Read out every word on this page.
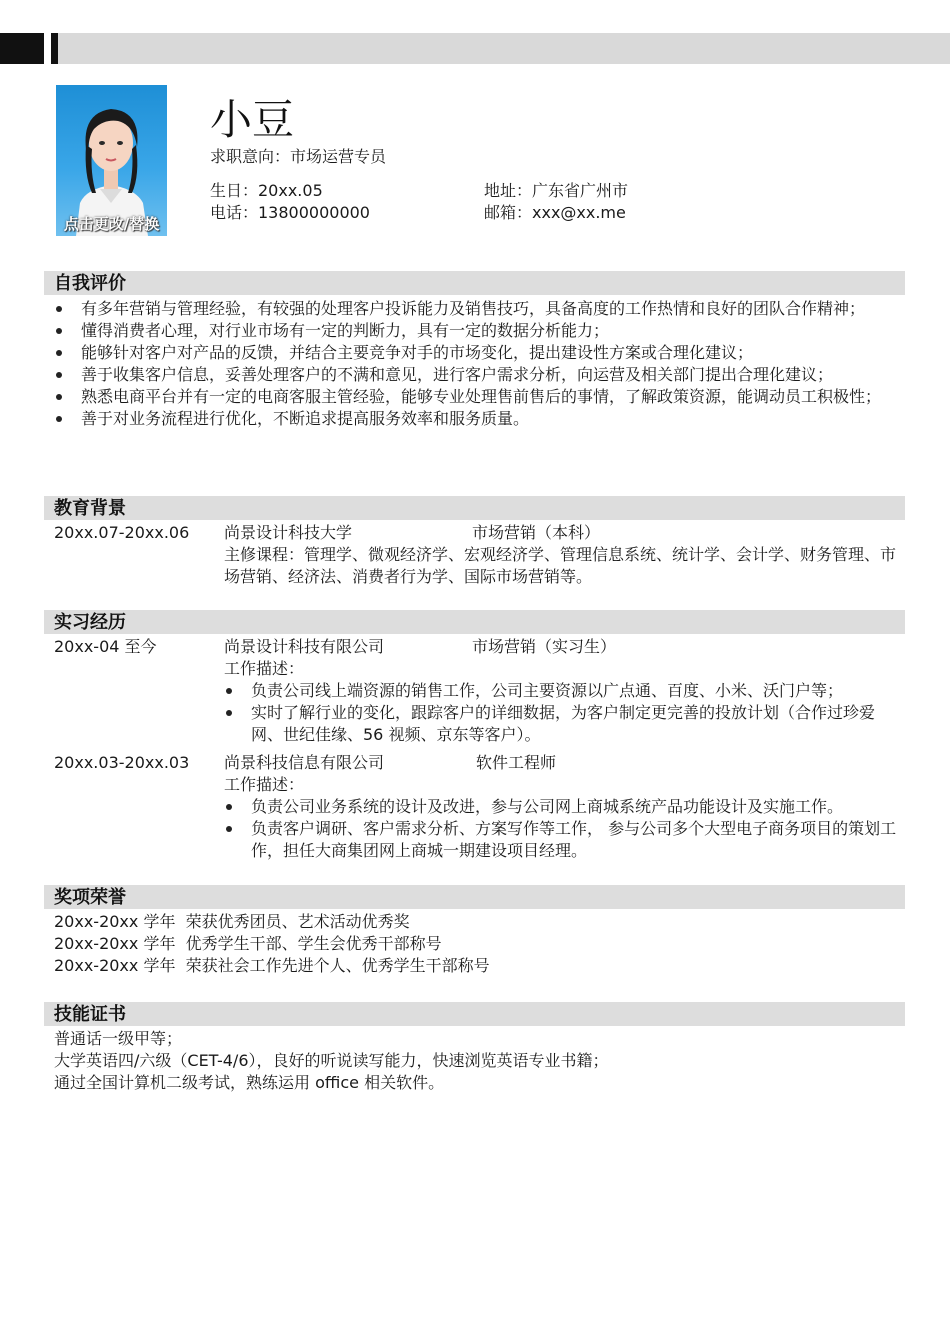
点击更改/替换
小豆
求职意向：市场运营专员
生日：20xx.05
电话：13800000000
地址：广东省广州市
邮箱：xxx@xx.me
自我评价
有多年营销与管理经验，有较强的处理客户投诉能力及销售技巧，具备高度的工作热情和良好的团队合作精神；
懂得消费者心理，对行业市场有一定的判断力，具有一定的数据分析能力；
能够针对客户对产品的反馈，并结合主要竞争对手的市场变化，提出建设性方案或合理化建议；
善于收集客户信息，妥善处理客户的不满和意见，进行客户需求分析，向运营及相关部门提出合理化建议；
熟悉电商平台并有一定的电商客服主管经验，能够专业处理售前售后的事情，了解政策资源，能调动员工积极性；
善于对业务流程进行优化，不断追求提高服务效率和服务质量。
教育背景
20xx.07-20xx.06 尚景设计科技大学	市场营销（本科）
主修课程：管理学、微观经济学、宏观经济学、管理信息系统、统计学、会计学、财务管理、市场营销、经济法、消费者行为学、国际市场营销等。
实习经历
20xx-04 至今	尚景设计科技有限公司	市场营销（实习生）
工作描述：
负责公司线上端资源的销售工作，公司主要资源以广点通、百度、小米、沃门户等；
实时了解行业的变化，跟踪客户的详细数据，为客户制定更完善的投放计划（合作过珍爱网、世纪佳缘、56 视频、京东等客户）。
20xx.03-20xx.03 尚景科技信息有限公司	软件工程师
工作描述：
负责公司业务系统的设计及改进，参与公司网上商城系统产品功能设计及实施工作。
负责客户调研、客户需求分析、方案写作等工作， 参与公司多个大型电子商务项目的策划工作，担任大商集团网上商城一期建设项目经理。
奖项荣誉
20xx-20xx 学年  荣获优秀团员、艺术活动优秀奖
20xx-20xx 学年  优秀学生干部、学生会优秀干部称号
20xx-20xx 学年  荣获社会工作先进个人、优秀学生干部称号
技能证书
普通话一级甲等；
大学英语四/六级（CET-4/6），良好的听说读写能力，快速浏览英语专业书籍；
通过全国计算机二级考试，熟练运用 office 相关软件。
